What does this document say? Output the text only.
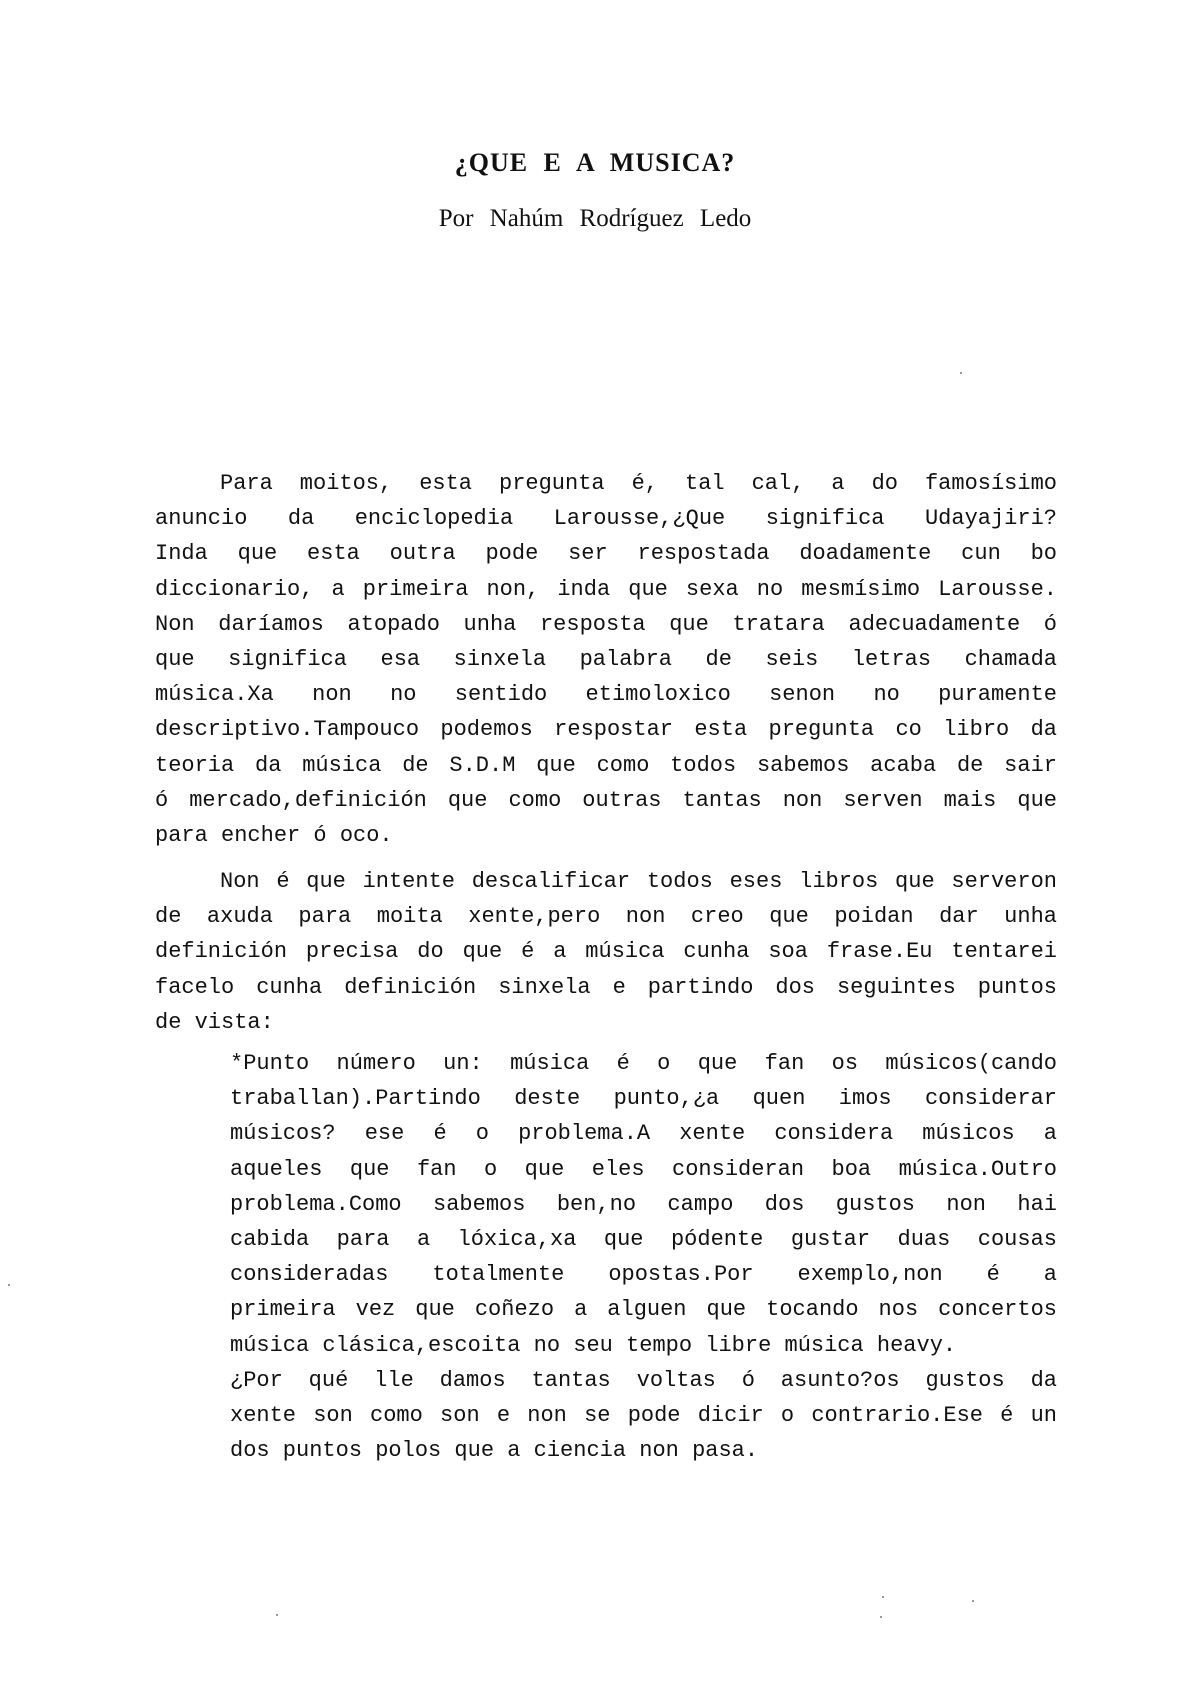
¿QUE E A MUSICA?
Por Nahúm Rodríguez Ledo
Para moitos, esta pregunta é, tal cal, a do famosísimo
anuncio da enciclopedia Larousse,¿Que significa Udayajiri?
Inda que esta outra pode ser respostada doadamente cun bo
diccionario, a primeira non, inda que sexa no mesmísimo Larousse.
Non daríamos atopado unha resposta que tratara adecuadamente ó
que significa esa sinxela palabra de seis letras chamada
música.Xa non no sentido etimoloxico senon no puramente
descriptivo.Tampouco podemos respostar esta pregunta co libro da
teoria da música de S.D.M que como todos sabemos acaba de sair
ó mercado,definición que como outras tantas non serven mais que
para encher ó oco.
Non é que intente descalificar todos eses libros que serveron
de axuda para moita xente,pero non creo que poidan dar unha
definición precisa do que é a música cunha soa frase.Eu tentarei
facelo cunha definición sinxela e partindo dos seguintes puntos
de vista:
*Punto número un: música é o que fan os músicos(cando
traballan).Partindo deste punto,¿a quen imos considerar
músicos? ese é o problema.A xente considera músicos a
aqueles que fan o que eles consideran boa música.Outro
problema.Como sabemos ben,no campo dos gustos non hai
cabida para a lóxica,xa que pódente gustar duas cousas
consideradas totalmente opostas.Por exemplo,non é a
primeira vez que coñezo a alguen que tocando nos concertos
música clásica,escoita no seu tempo libre música heavy.
¿Por qué lle damos tantas voltas ó asunto?os gustos da
xente son como son e non se pode dicir o contrario.Ese é un
dos puntos polos que a ciencia non pasa.
